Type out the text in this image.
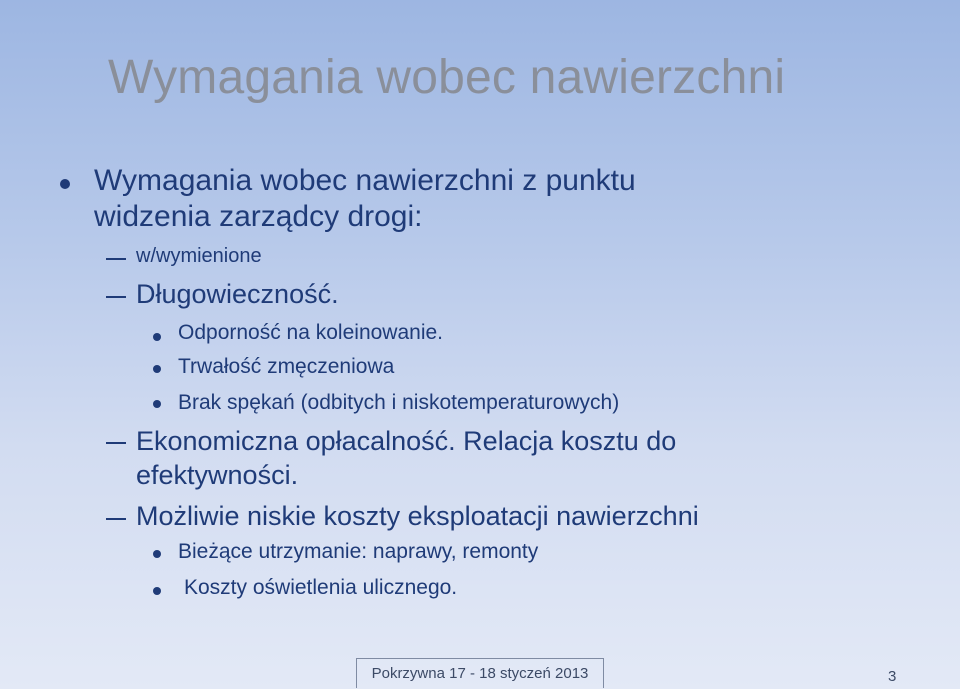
Wymagania wobec nawierzchni

Wymagania wobec nawierzchni z punktu

widzenia zarządcy drogi:

w/wymienione

Długowieczność.

Odporność na koleinowanie.

Trwałość zmęczeniowa

Brak spękań (odbitych i niskotemperaturowych)

Ekonomiczna opłacalność. Relacja kosztu do

efektywności.

Możliwie niskie koszty eksploatacji nawierzchni

Bieżące utrzymanie: naprawy, remonty

Koszty oświetlenia ulicznego.

Pokrzywna 17 - 18 styczeń 2013	3
